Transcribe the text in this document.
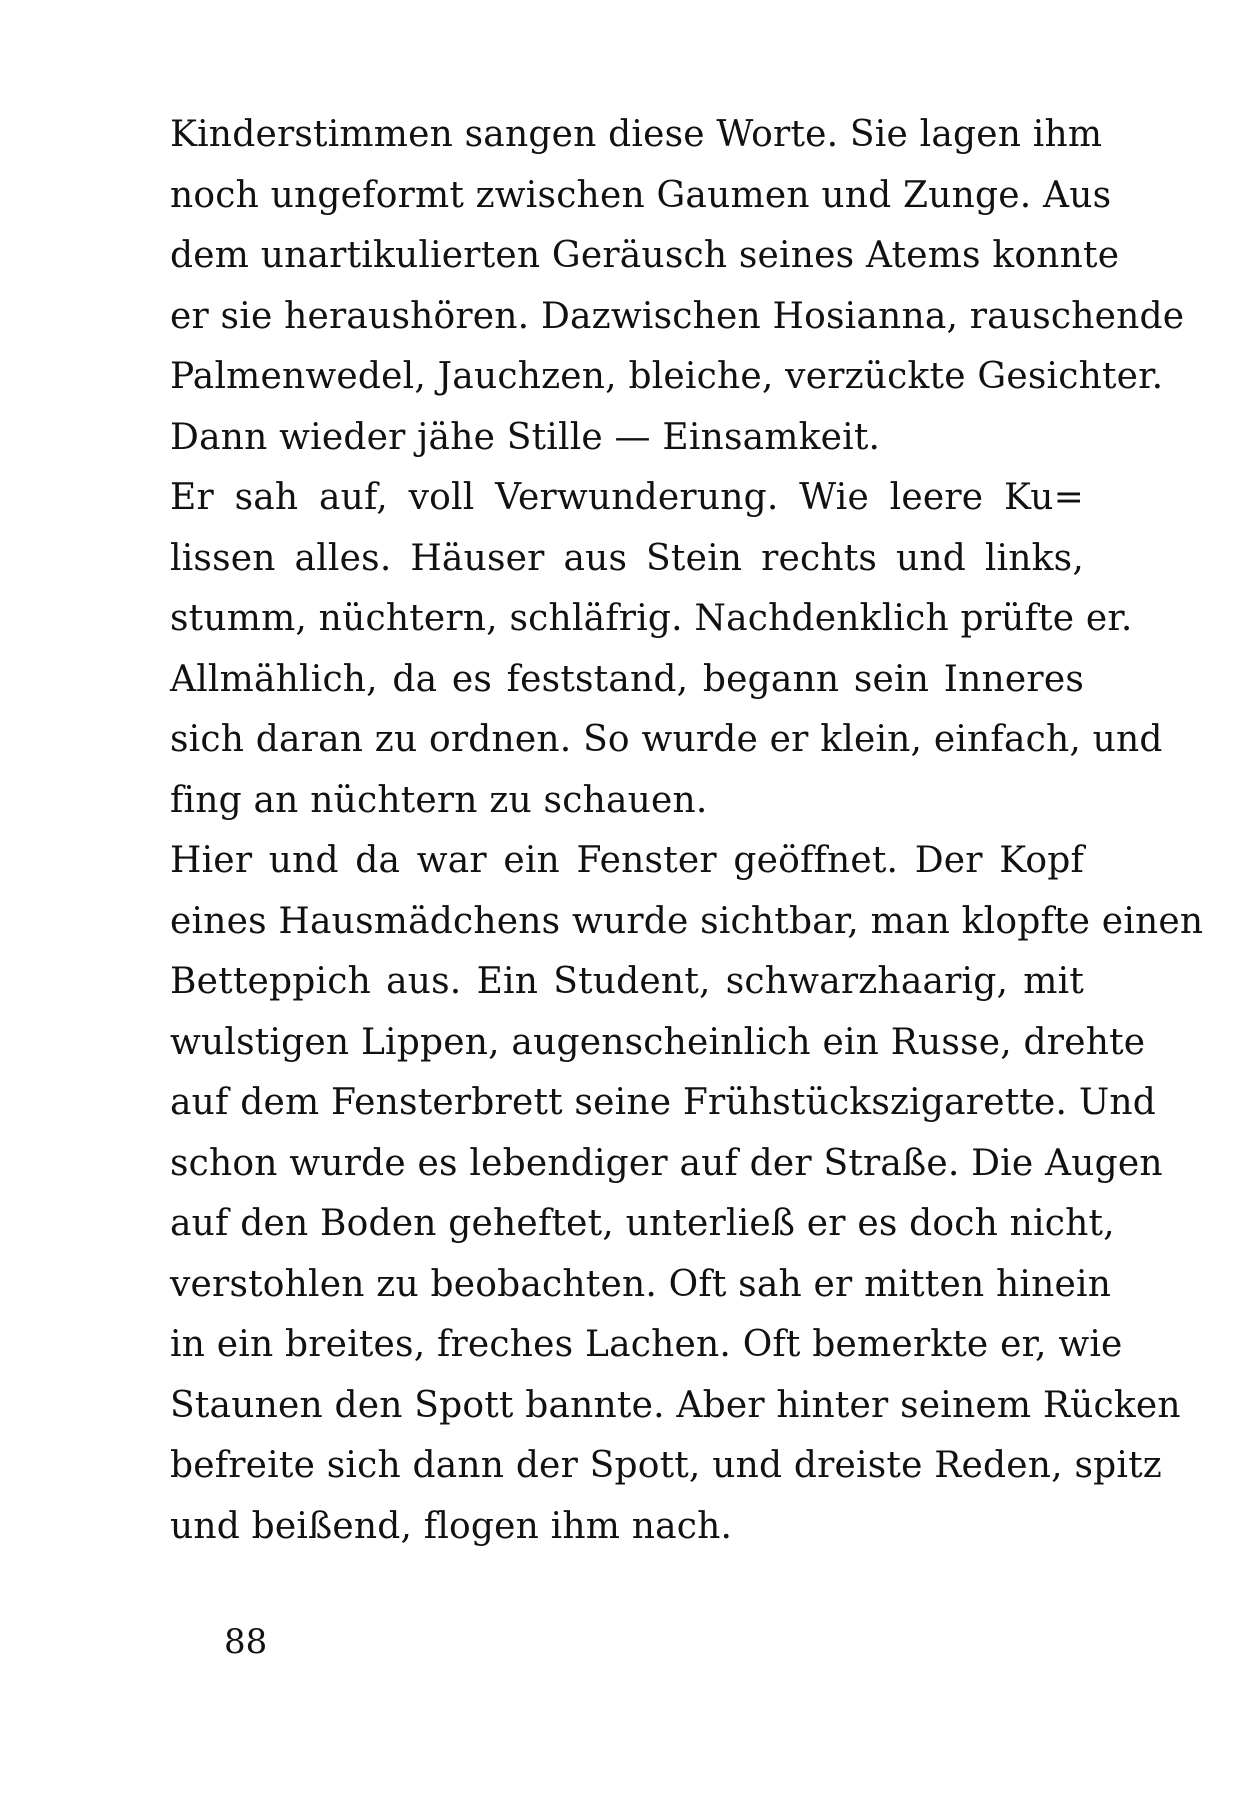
Kinderstimmen sangen diese Worte. Sie lagen ihm
noch ungeformt zwischen Gaumen und Zunge. Aus
dem unartikulierten Geräusch seines Atems konnte
er sie heraushören. Dazwischen Hosianna, rauschende
Palmenwedel, Jauchzen, bleiche, verzückte Gesichter.
Dann wieder jähe Stille — Einsamkeit.
Er sah auf, voll Verwunderung. Wie leere Ku=
lissen alles. Häuser aus Stein rechts und links,
stumm, nüchtern, schläfrig. Nachdenklich prüfte er.
Allmählich, da es feststand, begann sein Inneres
sich daran zu ordnen. So wurde er klein, einfach, und
fing an nüchtern zu schauen.
Hier und da war ein Fenster geöffnet. Der Kopf
eines Hausmädchens wurde sichtbar, man klopfte einen
Betteppich aus. Ein Student, schwarzhaarig, mit
wulstigen Lippen, augenscheinlich ein Russe, drehte
auf dem Fensterbrett seine Frühstückszigarette. Und
schon wurde es lebendiger auf der Straße. Die Augen
auf den Boden geheftet, unterließ er es doch nicht,
verstohlen zu beobachten. Oft sah er mitten hinein
in ein breites, freches Lachen. Oft bemerkte er, wie
Staunen den Spott bannte. Aber hinter seinem Rücken
befreite sich dann der Spott, und dreiste Reden, spitz
und beißend, flogen ihm nach.
88
